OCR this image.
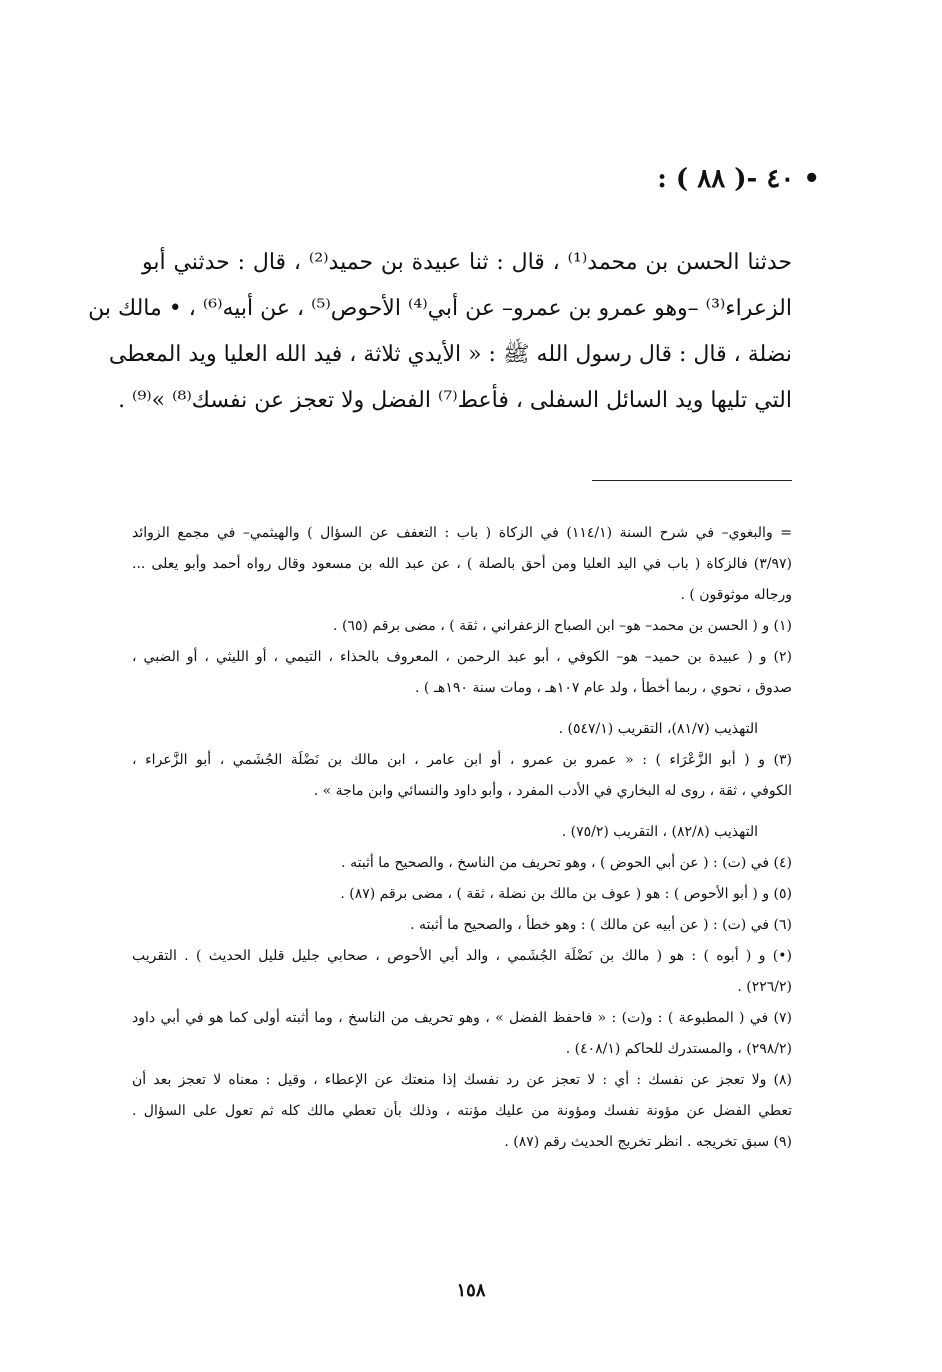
• ٤٠ -( ٨٨ ) :
حدثنا الحسن بن محمد⁽¹⁾ ، قال : ثنا عبيدة بن حميد⁽²⁾ ، قال : حدثني أبو
الزعراء⁽³⁾ –وهو عمرو بن عمرو– عن أبي⁽⁴⁾ الأحوص⁽⁵⁾ ، عن أبيه⁽⁶⁾ ، • مالك بن
نضلة ، قال : قال رسول الله ﷺ : « الأيدي ثلاثة ، فيد الله العليا ويد المعطى
التي تليها ويد السائل السفلى ، فأعط⁽⁷⁾ الفضل ولا تعجز عن نفسك⁽⁸⁾ »⁽⁹⁾ .
= والبغوي– في شرح السنة (١١٤/١) في الزكاة ( باب : التعفف عن السؤال ) والهيثمي– في مجمع الزوائد
(٣/٩٧) فالزكاة ( باب في اليد العليا ومن أحق بالصلة ) ، عن عبد الله بن مسعود وقال رواه أحمد وأبو يعلى ...
ورجاله موثوقون ) .
(١) و ( الحسن بن محمد– هو– ابن الصباح الزعفراني ، ثقة ) ، مضى برقم (٦٥) .
(٢) و ( عبيدة بن حميد– هو– الكوفي ، أبو عبد الرحمن ، المعروف بالحذاء ، التيمي ، أو الليثي ، أو الضبي ،
صدوق ، نحوي ، ربما أخطأ ، ولد عام ١٠٧هـ ، ومات سنة ١٩٠هـ ) .
التهذيب (٨١/٧)، التقريب (٥٤٧/١) .
(٣) و ( أبو الزَّعْرَاء ) : « عمرو بن عمرو ، أو ابن عامر ، ابن مالك بن نَضْلَة الجُشَمي ، أبو الزَّعراء ،
الكوفي ، ثقة ، روى له البخاري في الأدب المفرد ، وأبو داود والنسائي وابن ماجة » .
التهذيب (٨٢/٨) ، التقريب (٧٥/٢) .
(٤) في (ت) : ( عن أبي الحوض ) ، وهو تحريف من الناسخ ، والصحيح ما أثبته .
(٥) و ( أبو الأحوص ) : هو ( عوف بن مالك بن نضلة ، ثقة ) ، مضى برقم (٨٧) .
(٦) في (ت) : ( عن أبيه عن مالك ) : وهو خطأ ، والصحيح ما أثبته .
(•) و ( أبوه ) : هو ( مالك بن نَضْلَة الجُشَمي ، والد أبي الأحوص ، صحابي جليل قليل الحديث ) . التقريب
(٢٢٦/٢) .
(٧) في ( المطبوعة ) : و(ت) : « فاحفظ الفضل » ، وهو تحريف من الناسخ ، وما أثبته أولى كما هو في أبي داود
(٢٩٨/٢) ، والمستدرك للحاكم (٤٠٨/١) .
(٨) ولا تعجز عن نفسك : أي : لا تعجز عن رد نفسك إذا منعتك عن الإعطاء ، وقيل : معناه لا تعجز بعد أن
تعطي الفضل عن مؤونة نفسك ومؤونة من عليك مؤنته ، وذلك بأن تعطي مالك كله ثم تعول على السؤال .
(٩) سبق تخريجه . انظر تخريج الحديث رقم (٨٧) .
١٥٨
